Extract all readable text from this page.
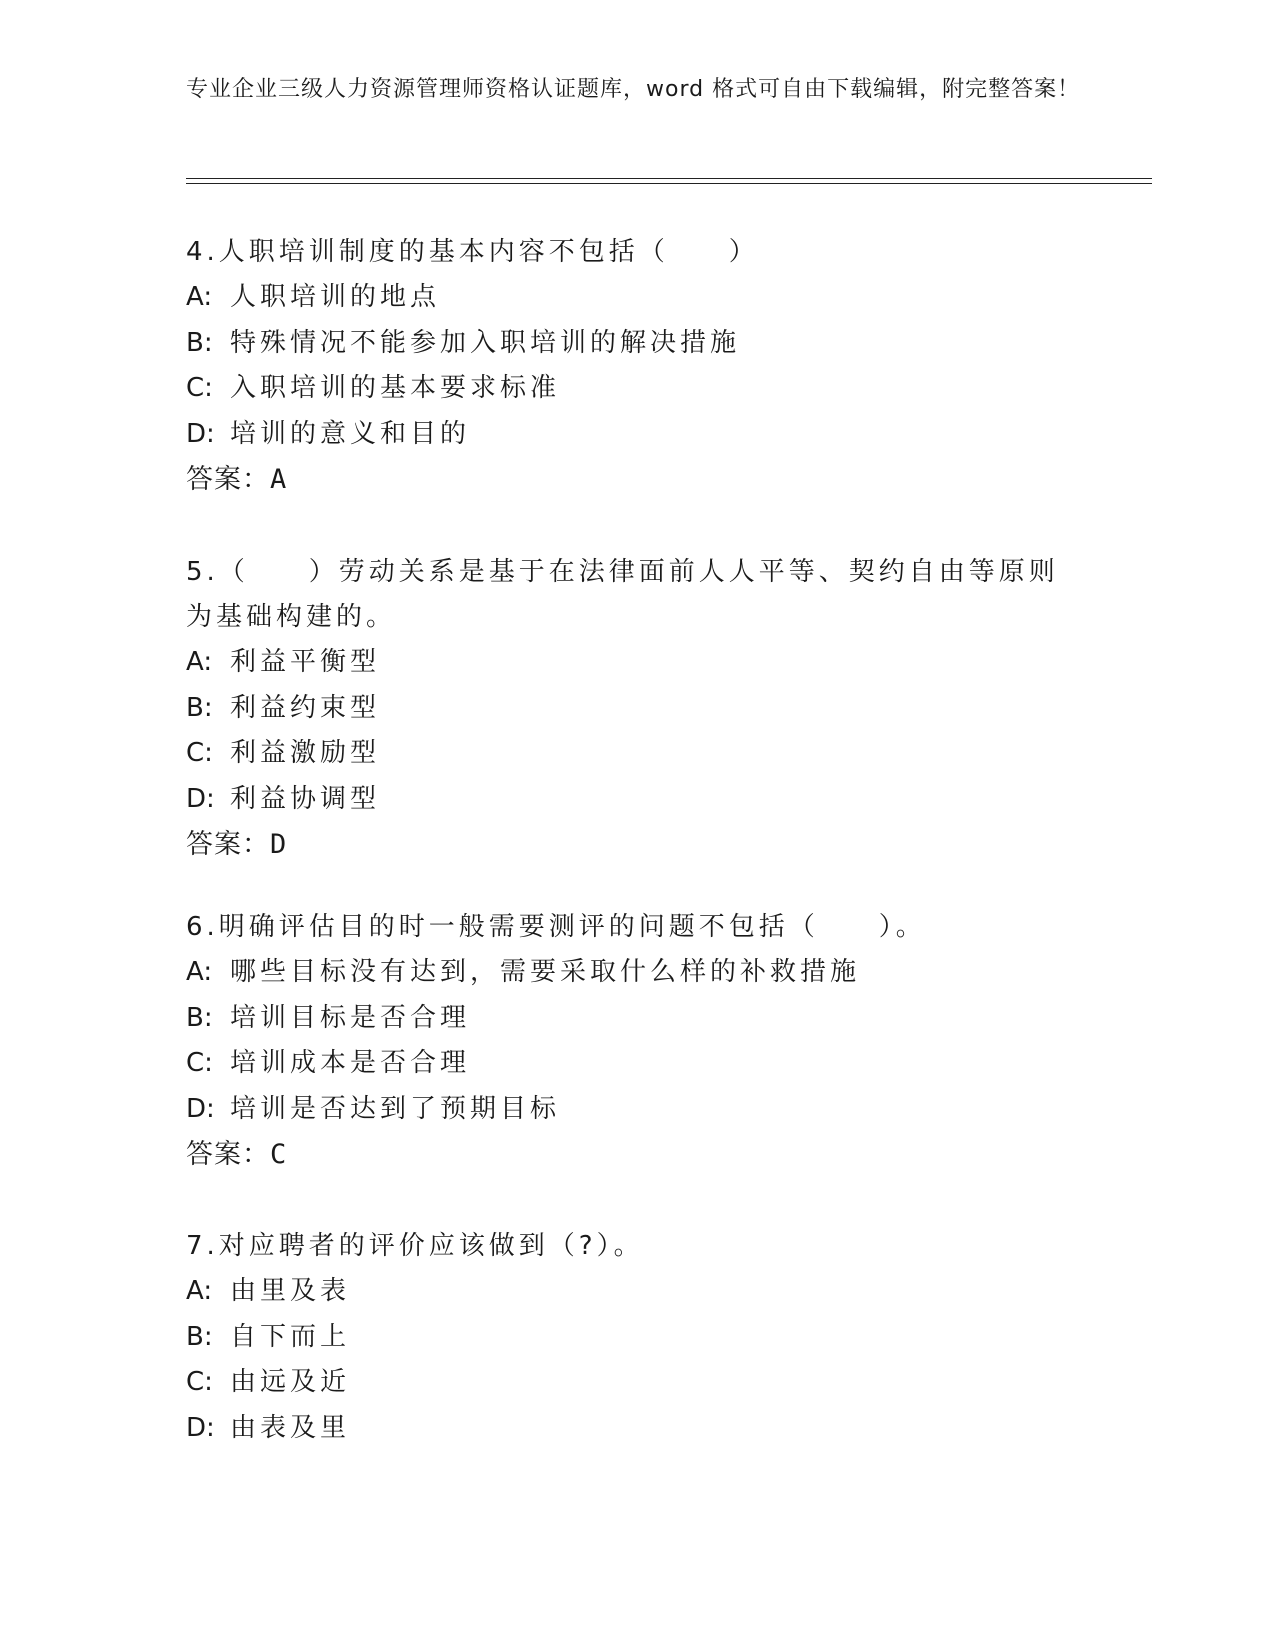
专业企业三级人力资源管理师资格认证题库，word 格式可自由下载编辑，附完整答案！

4.人职培训制度的基本内容不包括（　　）

A: 人职培训的地点

B: 特殊情况不能参加入职培训的解决措施

C: 入职培训的基本要求标准

D: 培训的意义和目的

答案：A

5.（　　）劳动关系是基于在法律面前人人平等、契约自由等原则为基础构建的。

A: 利益平衡型

B: 利益约束型

C: 利益激励型

D: 利益协调型

答案：D

6.明确评估目的时一般需要测评的问题不包括（　　）。

A: 哪些目标没有达到，需要采取什么样的补救措施

B: 培训目标是否合理

C: 培训成本是否合理

D: 培训是否达到了预期目标

答案：C

7.对应聘者的评价应该做到（?）。

A: 由里及表

B: 自下而上

C: 由远及近

D: 由表及里
